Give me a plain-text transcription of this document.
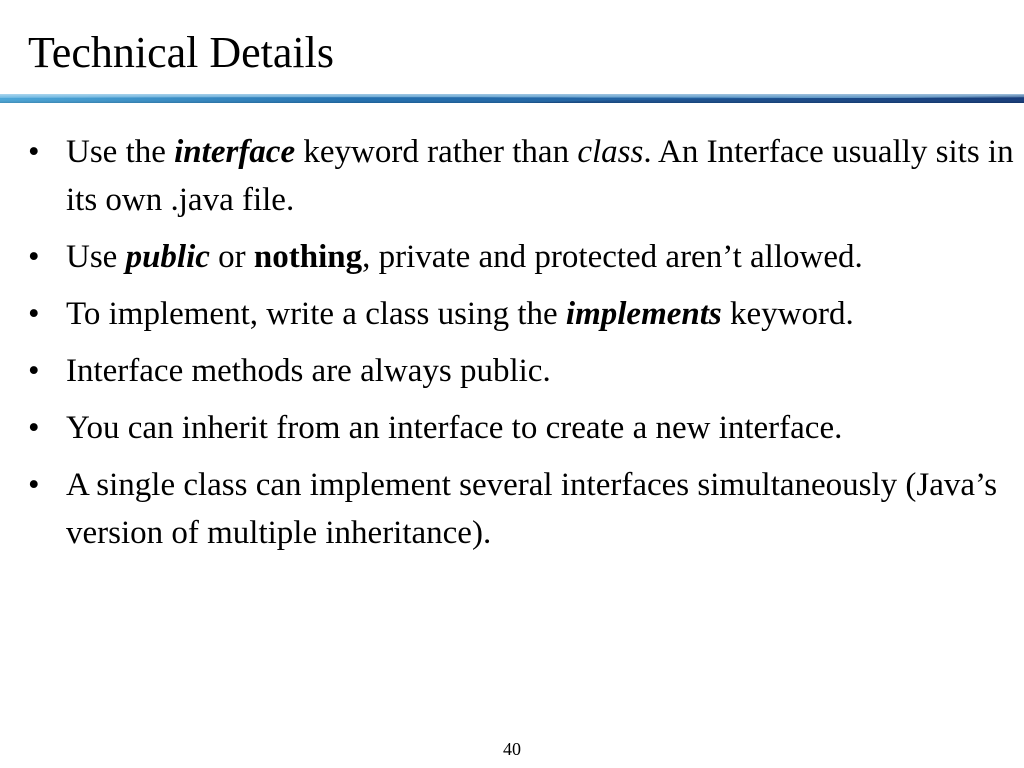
Technical Details
• Use the interface keyword rather than class. An Interface usually sits in its own .java file.
• Use public or nothing, private and protected aren’t allowed.
• To implement, write a class using the implements keyword.
• Interface methods are always public.
• You can inherit from an interface to create a new interface.
• A single class can implement several interfaces simultaneously (Java’s version of multiple inheritance).
40
